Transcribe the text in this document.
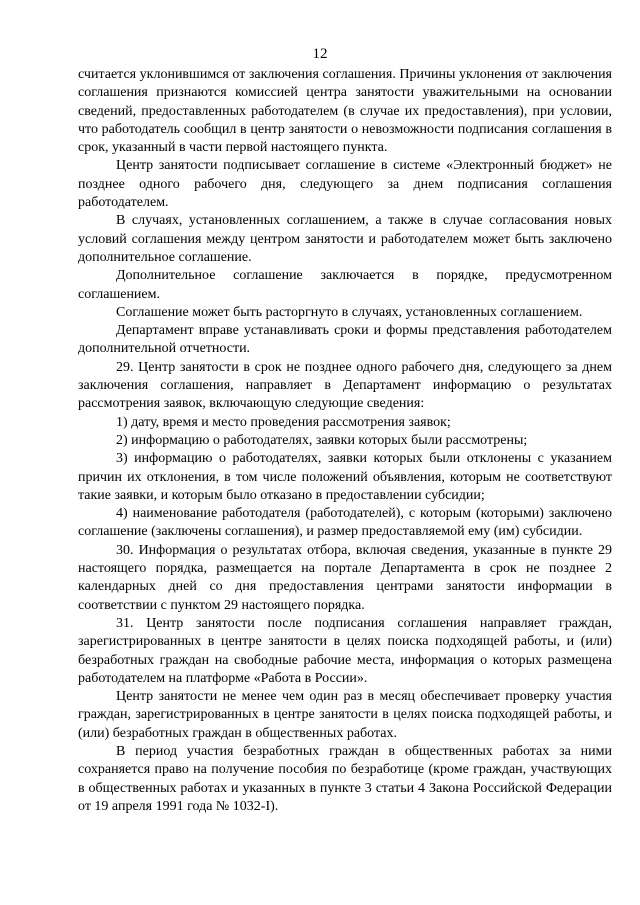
12

считается уклонившимся от заключения соглашения. Причины уклонения от заключения соглашения признаются комиссией центра занятости уважительными на основании сведений, предоставленных работодателем (в случае их предоставления), при условии, что работодатель сообщил в центр занятости о невозможности подписания соглашения в срок, указанный в части первой настоящего пункта.

Центр занятости подписывает соглашение в системе «Электронный бюджет» не позднее одного рабочего дня, следующего за днем подписания соглашения работодателем.

В случаях, установленных соглашением, а также в случае согласования новых условий соглашения между центром занятости и работодателем может быть заключено дополнительное соглашение.

Дополнительное соглашение заключается в порядке, предусмотренном соглашением.

Соглашение может быть расторгнуто в случаях, установленных соглашением.

Департамент вправе устанавливать сроки и формы представления работодателем дополнительной отчетности.

29. Центр занятости в срок не позднее одного рабочего дня, следующего за днем заключения соглашения, направляет в Департамент информацию о результатах рассмотрения заявок, включающую следующие сведения:

1) дату, время и место проведения рассмотрения заявок;

2) информацию о работодателях, заявки которых были рассмотрены;

3) информацию о работодателях, заявки которых были отклонены с указанием причин их отклонения, в том числе положений объявления, которым не соответствуют такие заявки, и которым было отказано в предоставлении субсидии;

4) наименование работодателя (работодателей), с которым (которыми) заключено соглашение (заключены соглашения), и размер предоставляемой ему (им) субсидии.

30. Информация о результатах отбора, включая сведения, указанные в пункте 29 настоящего порядка, размещается на портале Департамента в срок не позднее 2 календарных дней со дня предоставления центрами занятости информации в соответствии с пунктом 29 настоящего порядка.

31. Центр занятости после подписания соглашения направляет граждан, зарегистрированных в центре занятости в целях поиска подходящей работы, и (или) безработных граждан на свободные рабочие места, информация о которых размещена работодателем на платформе «Работа в России».

Центр занятости не менее чем один раз в месяц обеспечивает проверку участия граждан, зарегистрированных в центре занятости в целях поиска подходящей работы, и (или) безработных граждан в общественных работах.

В период участия безработных граждан в общественных работах за ними сохраняется право на получение пособия по безработице (кроме граждан, участвующих в общественных работах и указанных в пункте 3 статьи 4 Закона Российской Федерации от 19 апреля 1991 года № 1032-I).
